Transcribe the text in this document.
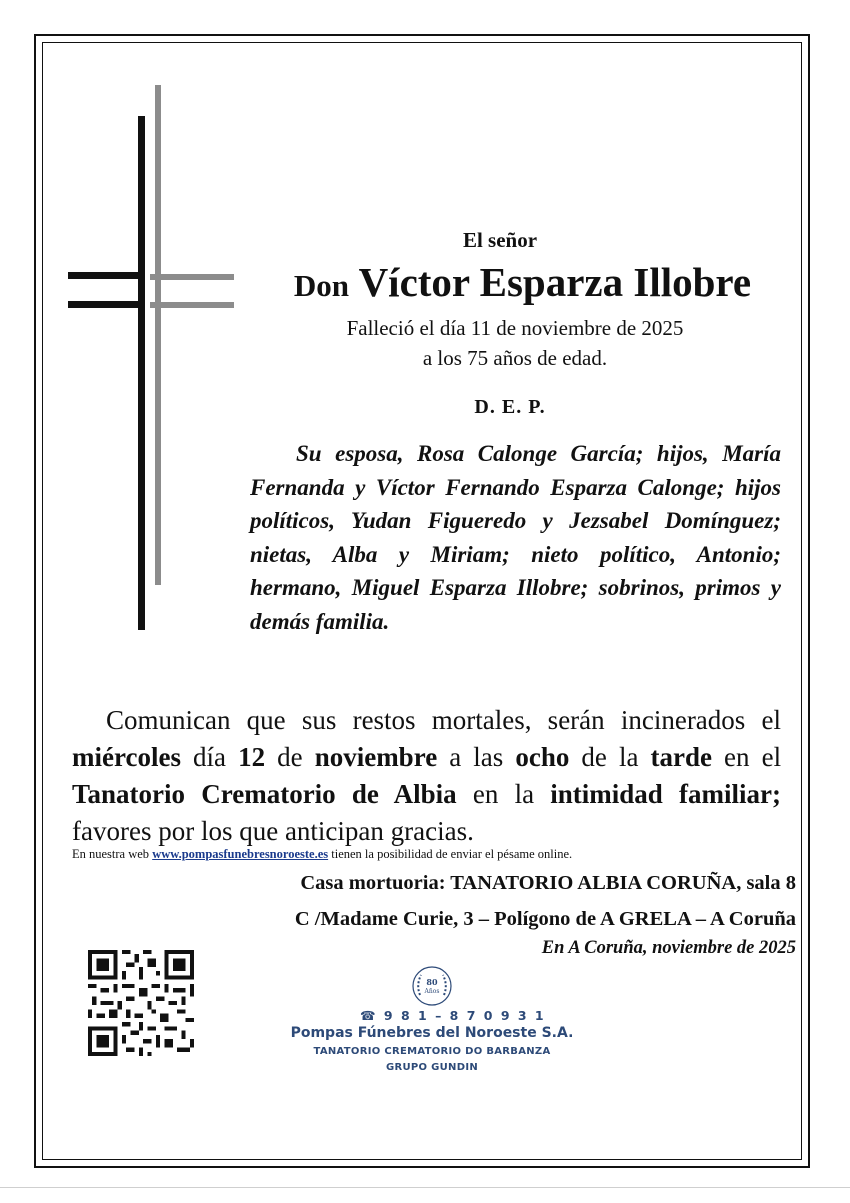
El señor
Don Víctor Esparza Illobre
Falleció el día 11 de noviembre de 2025
a los 75 años de edad.
D. E. P.
Su esposa, Rosa Calonge García; hijos, María Fernanda y Víctor Fernando Esparza Calonge; hijos políticos, Yudan Figueredo y Jezsabel Domínguez; nietas, Alba y Miriam; nieto político, Antonio; hermano, Miguel Esparza Illobre; sobrinos, primos y demás familia.
Comunican que sus restos mortales, serán incinerados el miércoles día 12 de noviembre a las ocho de la tarde en el Tanatorio Crematorio de Albia en la intimidad familiar; favores por los que anticipan gracias.
En nuestra web www.pompasfunebresnoroeste.es tienen la posibilidad de enviar el pésame online.
Casa mortuoria: TANATORIO ALBIA CORUÑA, sala 8
C /Madame Curie, 3 – Polígono de A GRELA – A Coruña
En A Coruña, noviembre de 2025
80
Años
☎ 9 8 1 – 8 7 0 9 3 1
Pompas Fúnebres del Noroeste S.A.
TANATORIO CREMATORIO DO BARBANZA
GRUPO GUNDIN
